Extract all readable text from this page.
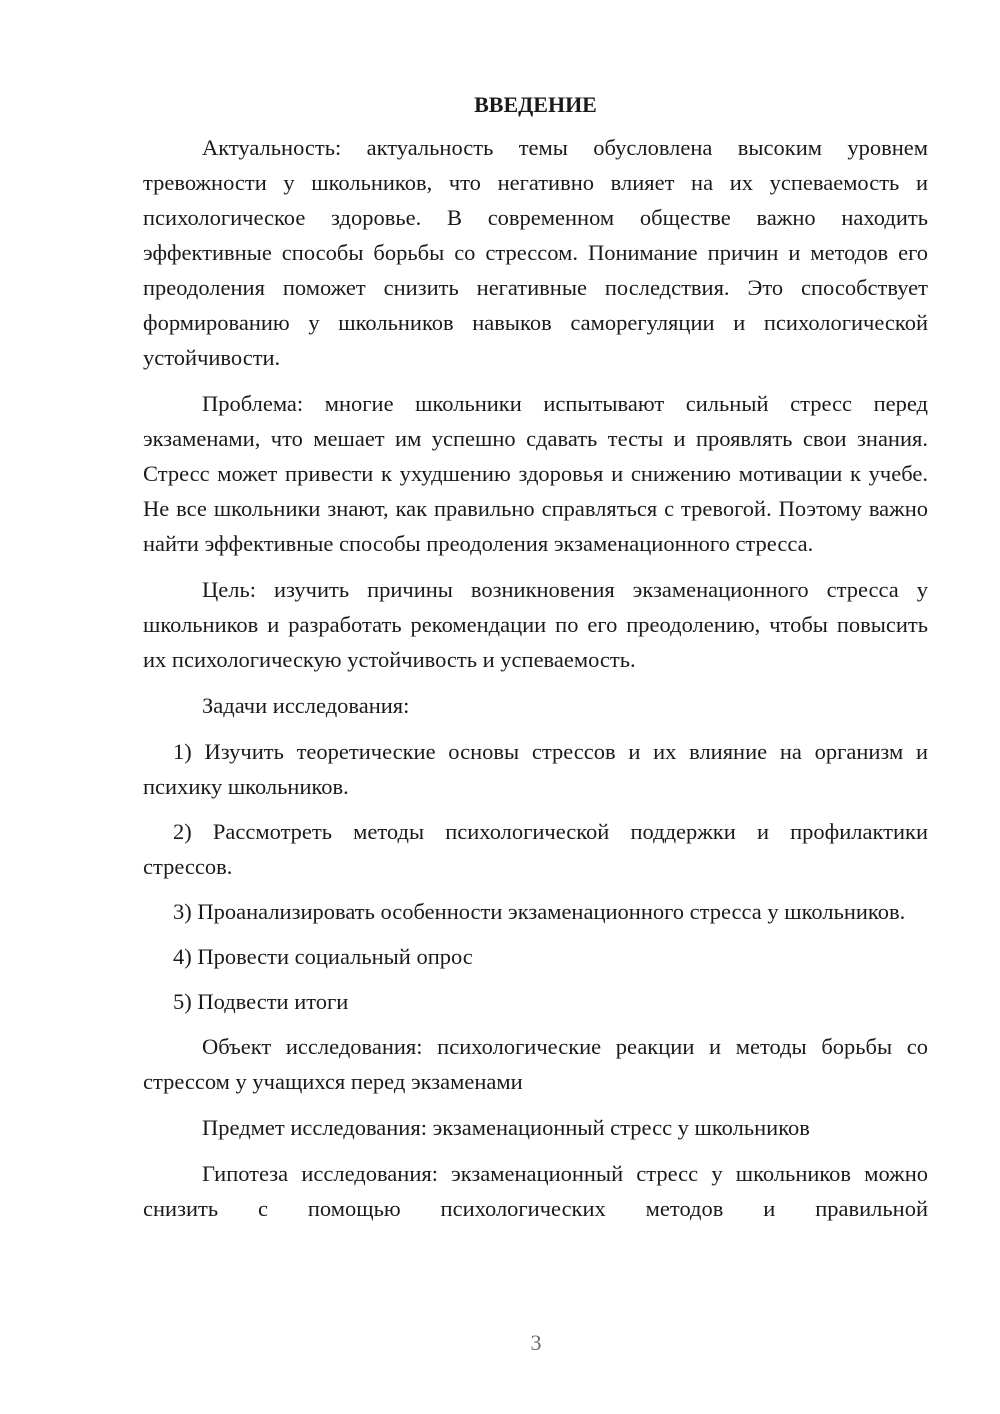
ВВЕДЕНИЕ

Актуальность: актуальность темы обусловлена высоким уровнем тревожности у школьников, что негативно влияет на их успеваемость и психологическое здоровье. В современном обществе важно находить эффективные способы борьбы со стрессом. Понимание причин и методов его преодоления поможет снизить негативные последствия. Это способствует формированию у школьников навыков саморегуляции и психологической устойчивости.

Проблема: многие школьники испытывают сильный стресс перед экзаменами, что мешает им успешно сдавать тесты и проявлять свои знания. Стресс может привести к ухудшению здоровья и снижению мотивации к учебе. Не все школьники знают, как правильно справляться с тревогой. Поэтому важно найти эффективные способы преодоления экзаменационного стресса.

Цель: изучить причины возникновения экзаменационного стресса у школьников и разработать рекомендации по его преодолению, чтобы повысить их психологическую устойчивость и успеваемость.

Задачи исследования:

1) Изучить теоретические основы стрессов и их влияние на организм и психику школьников.

2) Рассмотреть методы психологической поддержки и профилактики стрессов.

3) Проанализировать особенности экзаменационного стресса у школьников.

4) Провести социальный опрос

5) Подвести итоги

Объект исследования: психологические реакции и методы борьбы со стрессом у учащихся перед экзаменами

Предмет исследования: экзаменационный стресс у школьников

Гипотеза исследования: экзаменационный стресс у школьников можно снизить с помощью психологических методов и правильной

3
